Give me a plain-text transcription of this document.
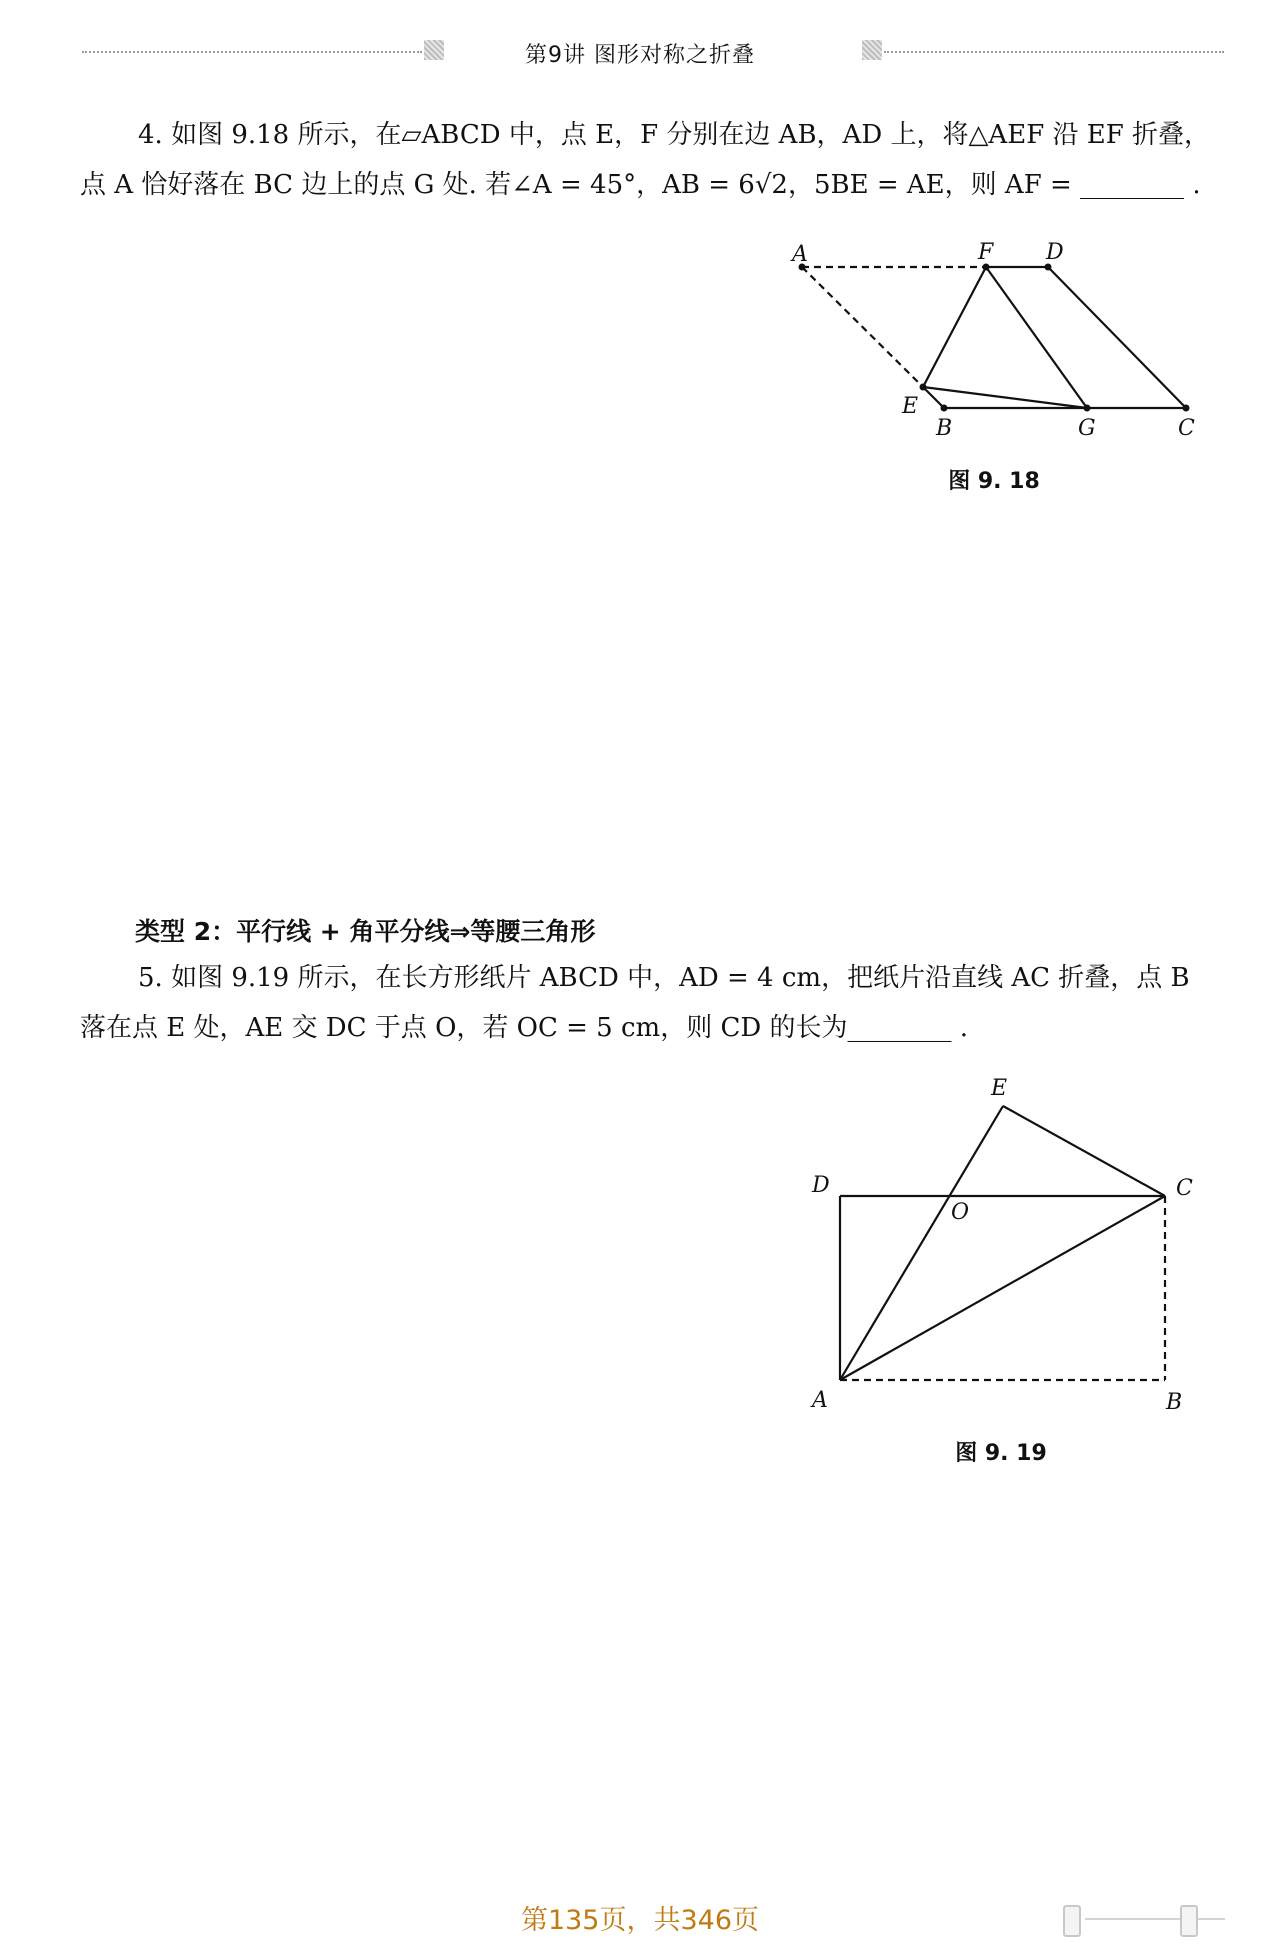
第9讲 图形对称之折叠

4. 如图 9.18 所示，在▱ABCD 中，点 E，F 分别在边 AB，AD 上，将△AEF 沿 EF 折叠，

点 A 恰好落在 BC 边上的点 G 处. 若∠A = 45°，AB = 6√2，5BE = AE，则 AF = ________ .

A	F D
E
B	G	C
图 9. 18
类型 2：平行线 + 角平分线⇒等腰三角形

5. 如图 9.19 所示，在长方形纸片 ABCD 中，AD = 4 cm，把纸片沿直线 AC 折叠，点 B

落在点 E 处，AE 交 DC 于点 O，若 OC = 5 cm，则 CD 的长为________ .

E
D
O
C
A	B
图 9. 19
第135页，共346页
